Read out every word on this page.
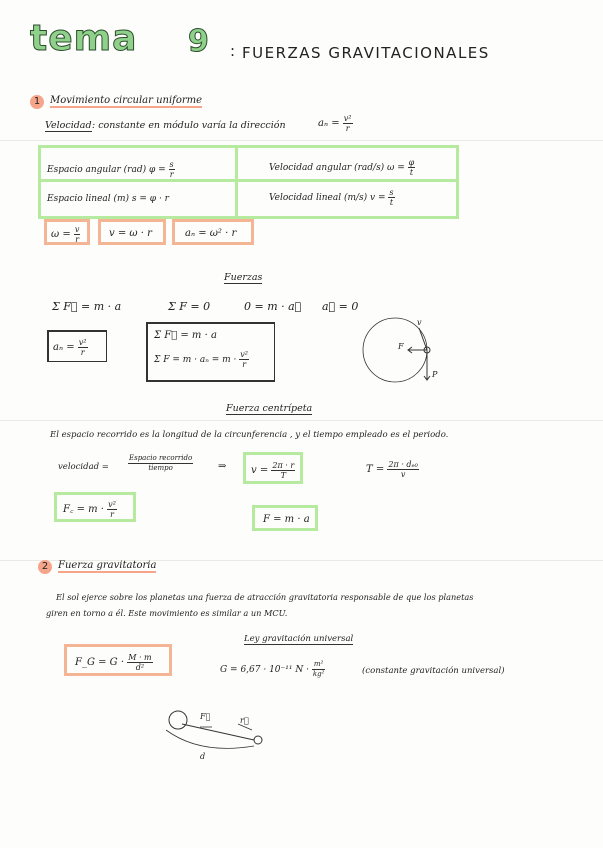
tema 9 : FUERZAS GRAVITACIONALES
1 Movimiento circular uniforme
Velocidad : constante en módulo varía la dirección	$a_n = \frac{\text{v²}}{r}$
Espacio angular (rad) $\varphi = \frac{s}{r}$	Velocidad angular (rad/s) $\omega = \frac{\varphi}{t}$
Espacio lineal (m) s = φ · r	Velocidad lineal (m/s) $v = \frac{s}{t}$
$\omega = \frac{v}{r}$	v = ω · r	aₙ = ω² · r
Fuerzas
Σ F⃗ = m · a	Σ F = 0	0 = m · a⃗ a⃗ = 0
$a_n = \frac{\text{v²}}{r}$
Σ F⃗ = m · a
Σ $F = m \cdot a_n = m \cdot \frac{\text{v²}}{r}$
v
F
P
Fuerza centrípeta
El espacio recorrido es la longitud de la circunferencia , y el tiempo empleado es el periodo.
velocidad =	$\frac{\text{Espacio recorrido}}{\text{tiempo}}$ ⇒	$v = \frac{2\pi \cdot r}{T}$	$T = \frac{\text{2π · dₑ₀}}{v}$
F꜀ = $m \cdot \frac{\text{v²}}{r}$
F = m · a
2 Fuerza gravitatoria
El sol ejerce sobre los planetas una fuerza de atracción gravitatoria responsable de que los planetas
giren en torno a él. Este movimiento es similar a un MCU.
Ley gravitación universal
F_G = $G \cdot \frac{M \cdot m}{\text{d²}}$	G = 6,67 · 10⁻¹¹ $N \cdot \frac{\text{m²}}{\text{kg²}}$	(constante gravitación universal)
F⃗	r⃗
d
